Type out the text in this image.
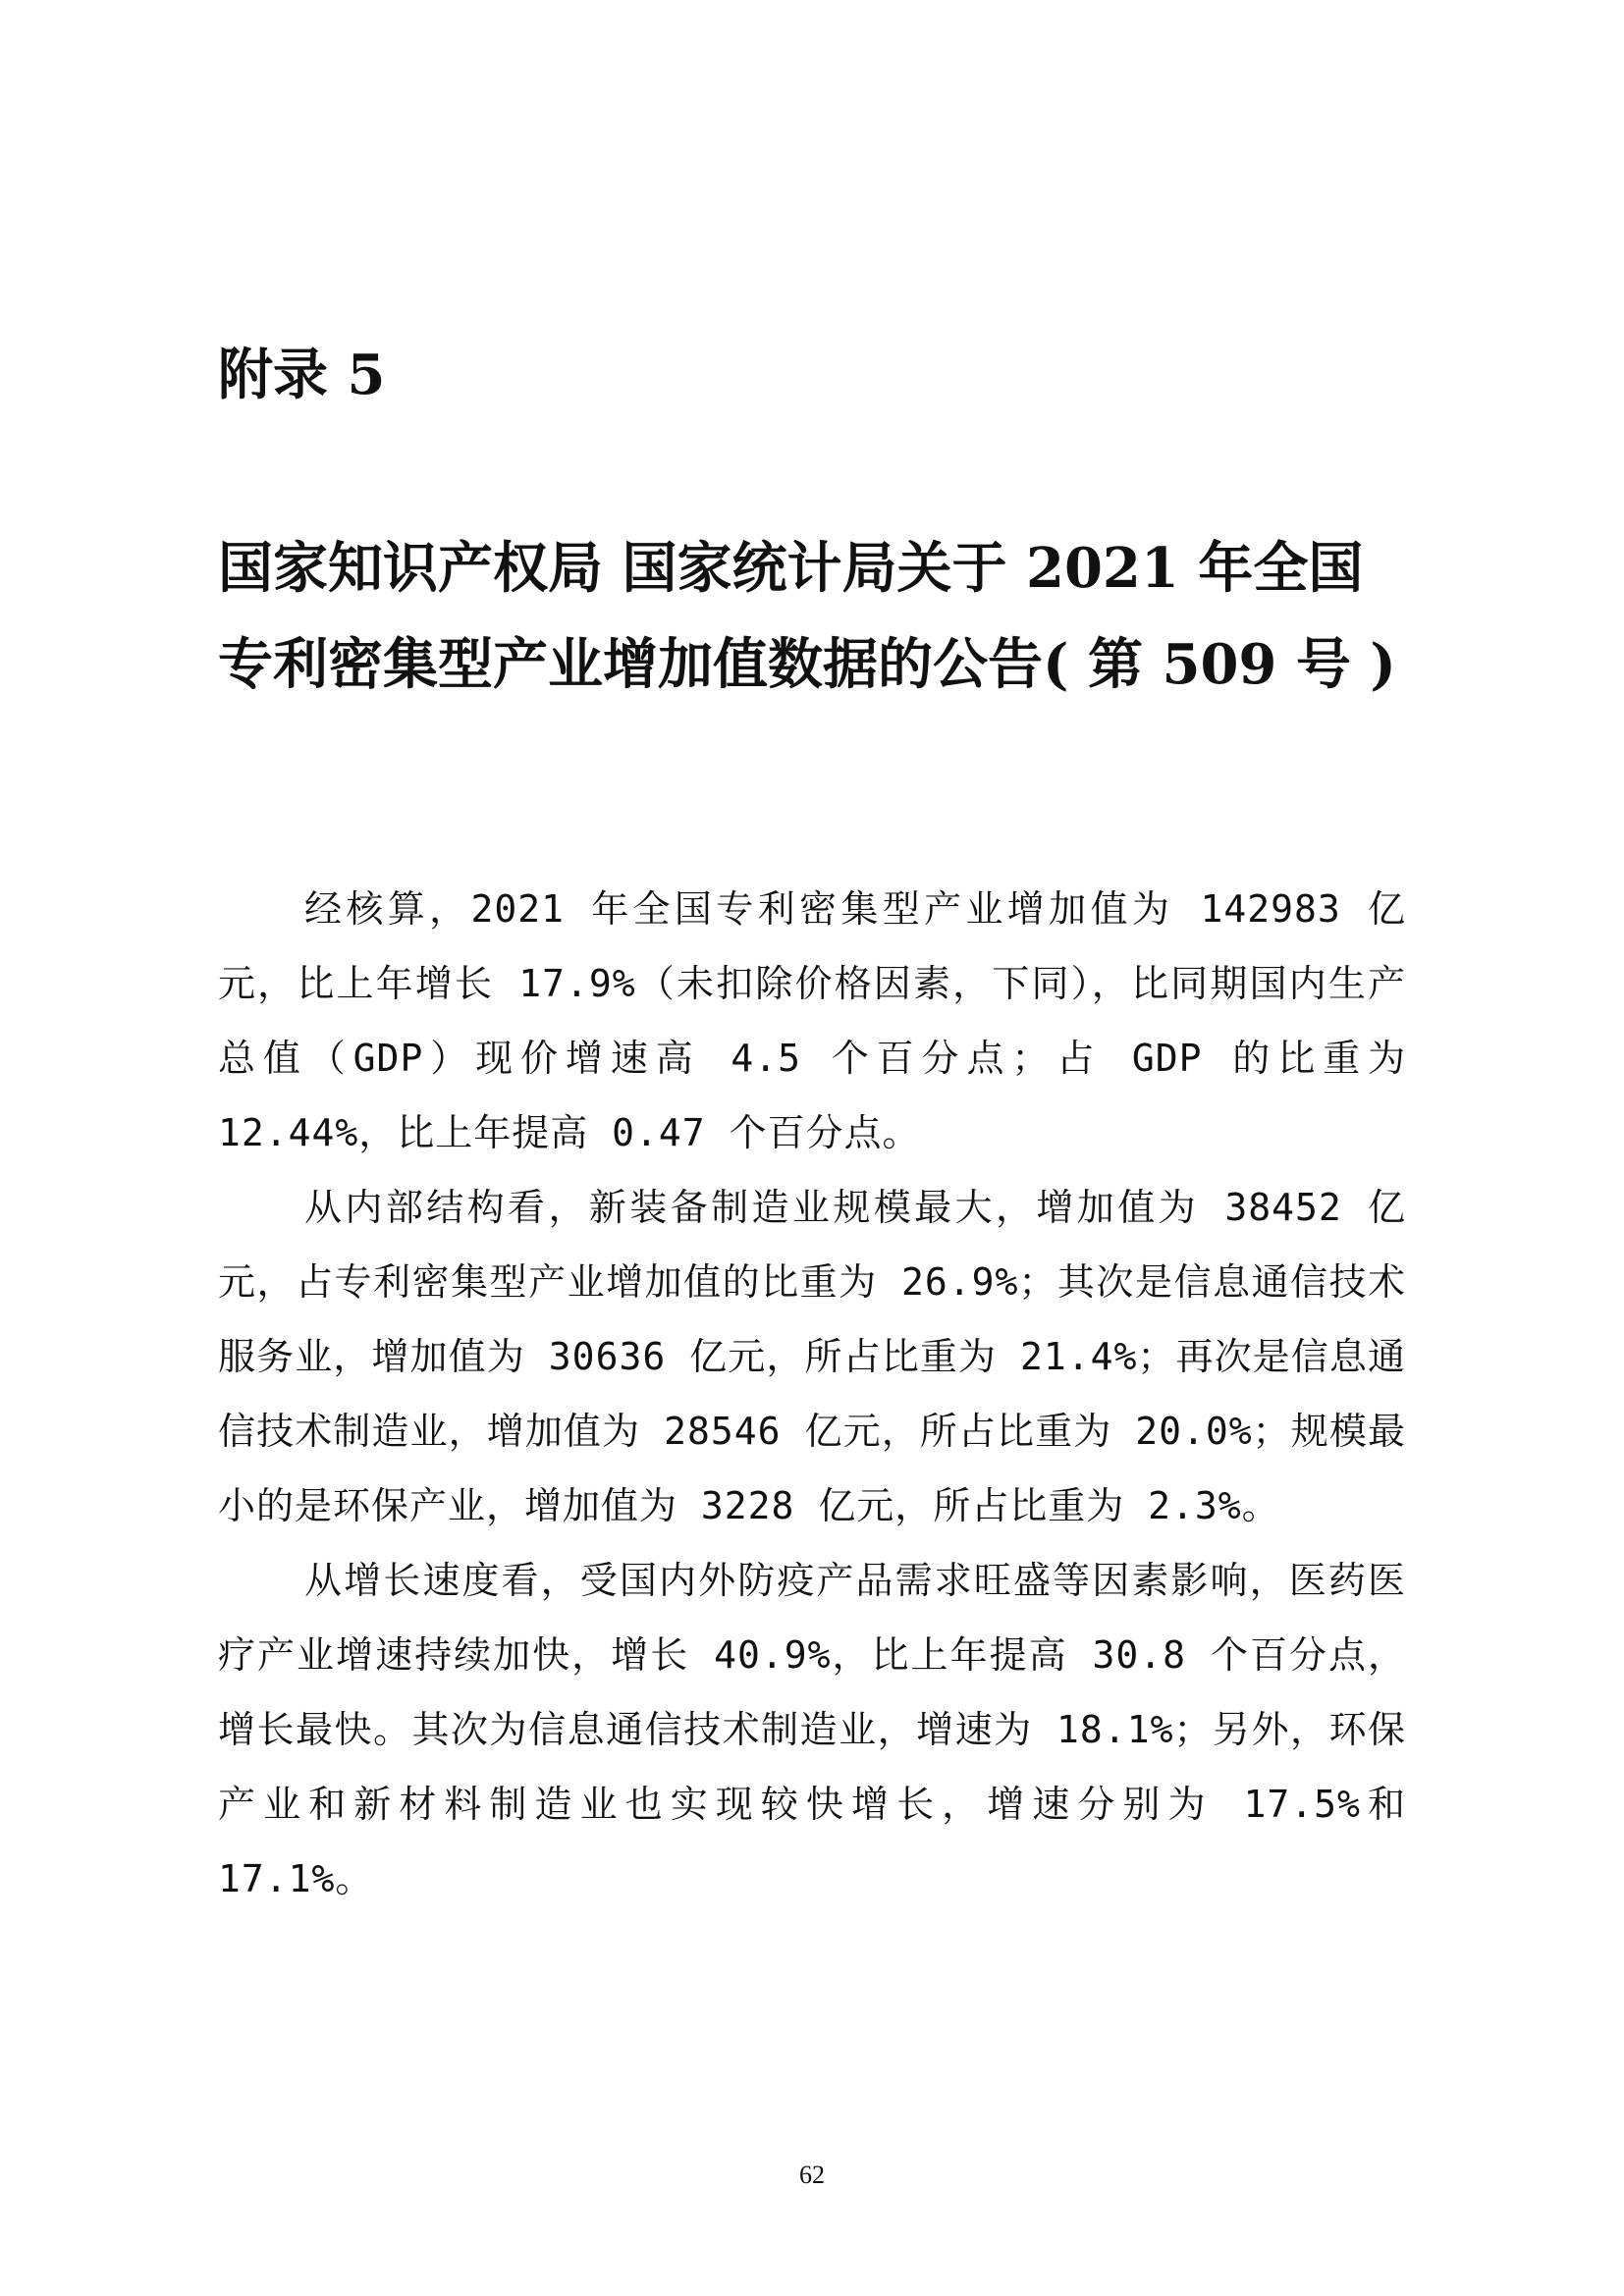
附录 5
国家知识产权局 国家统计局关于 2021 年全国
专利密集型产业增加值数据的公告( 第 509 号 )

经核算，2021 年全国专利密集型产业增加值为 142983 亿元，比上年增长 17.9%（未扣除价格因素，下同），比同期国内生产总值（GDP）现价增速高 4.5 个百分点；占 GDP 的比重为 12.44%，比上年提高 0.47 个百分点。

从内部结构看，新装备制造业规模最大，增加值为 38452 亿元，占专利密集型产业增加值的比重为 26.9%；其次是信息通信技术服务业，增加值为 30636 亿元，所占比重为 21.4%；再次是信息通信技术制造业，增加值为 28546 亿元，所占比重为 20.0%；规模最小的是环保产业，增加值为 3228 亿元，所占比重为 2.3%。

从增长速度看，受国内外防疫产品需求旺盛等因素影响，医药医疗产业增速持续加快，增长 40.9%，比上年提高 30.8 个百分点，增长最快。其次为信息通信技术制造业，增速为 18.1%；另外，环保产业和新材料制造业也实现较快增长，增速分别为 17.5%和 17.1%。

62
